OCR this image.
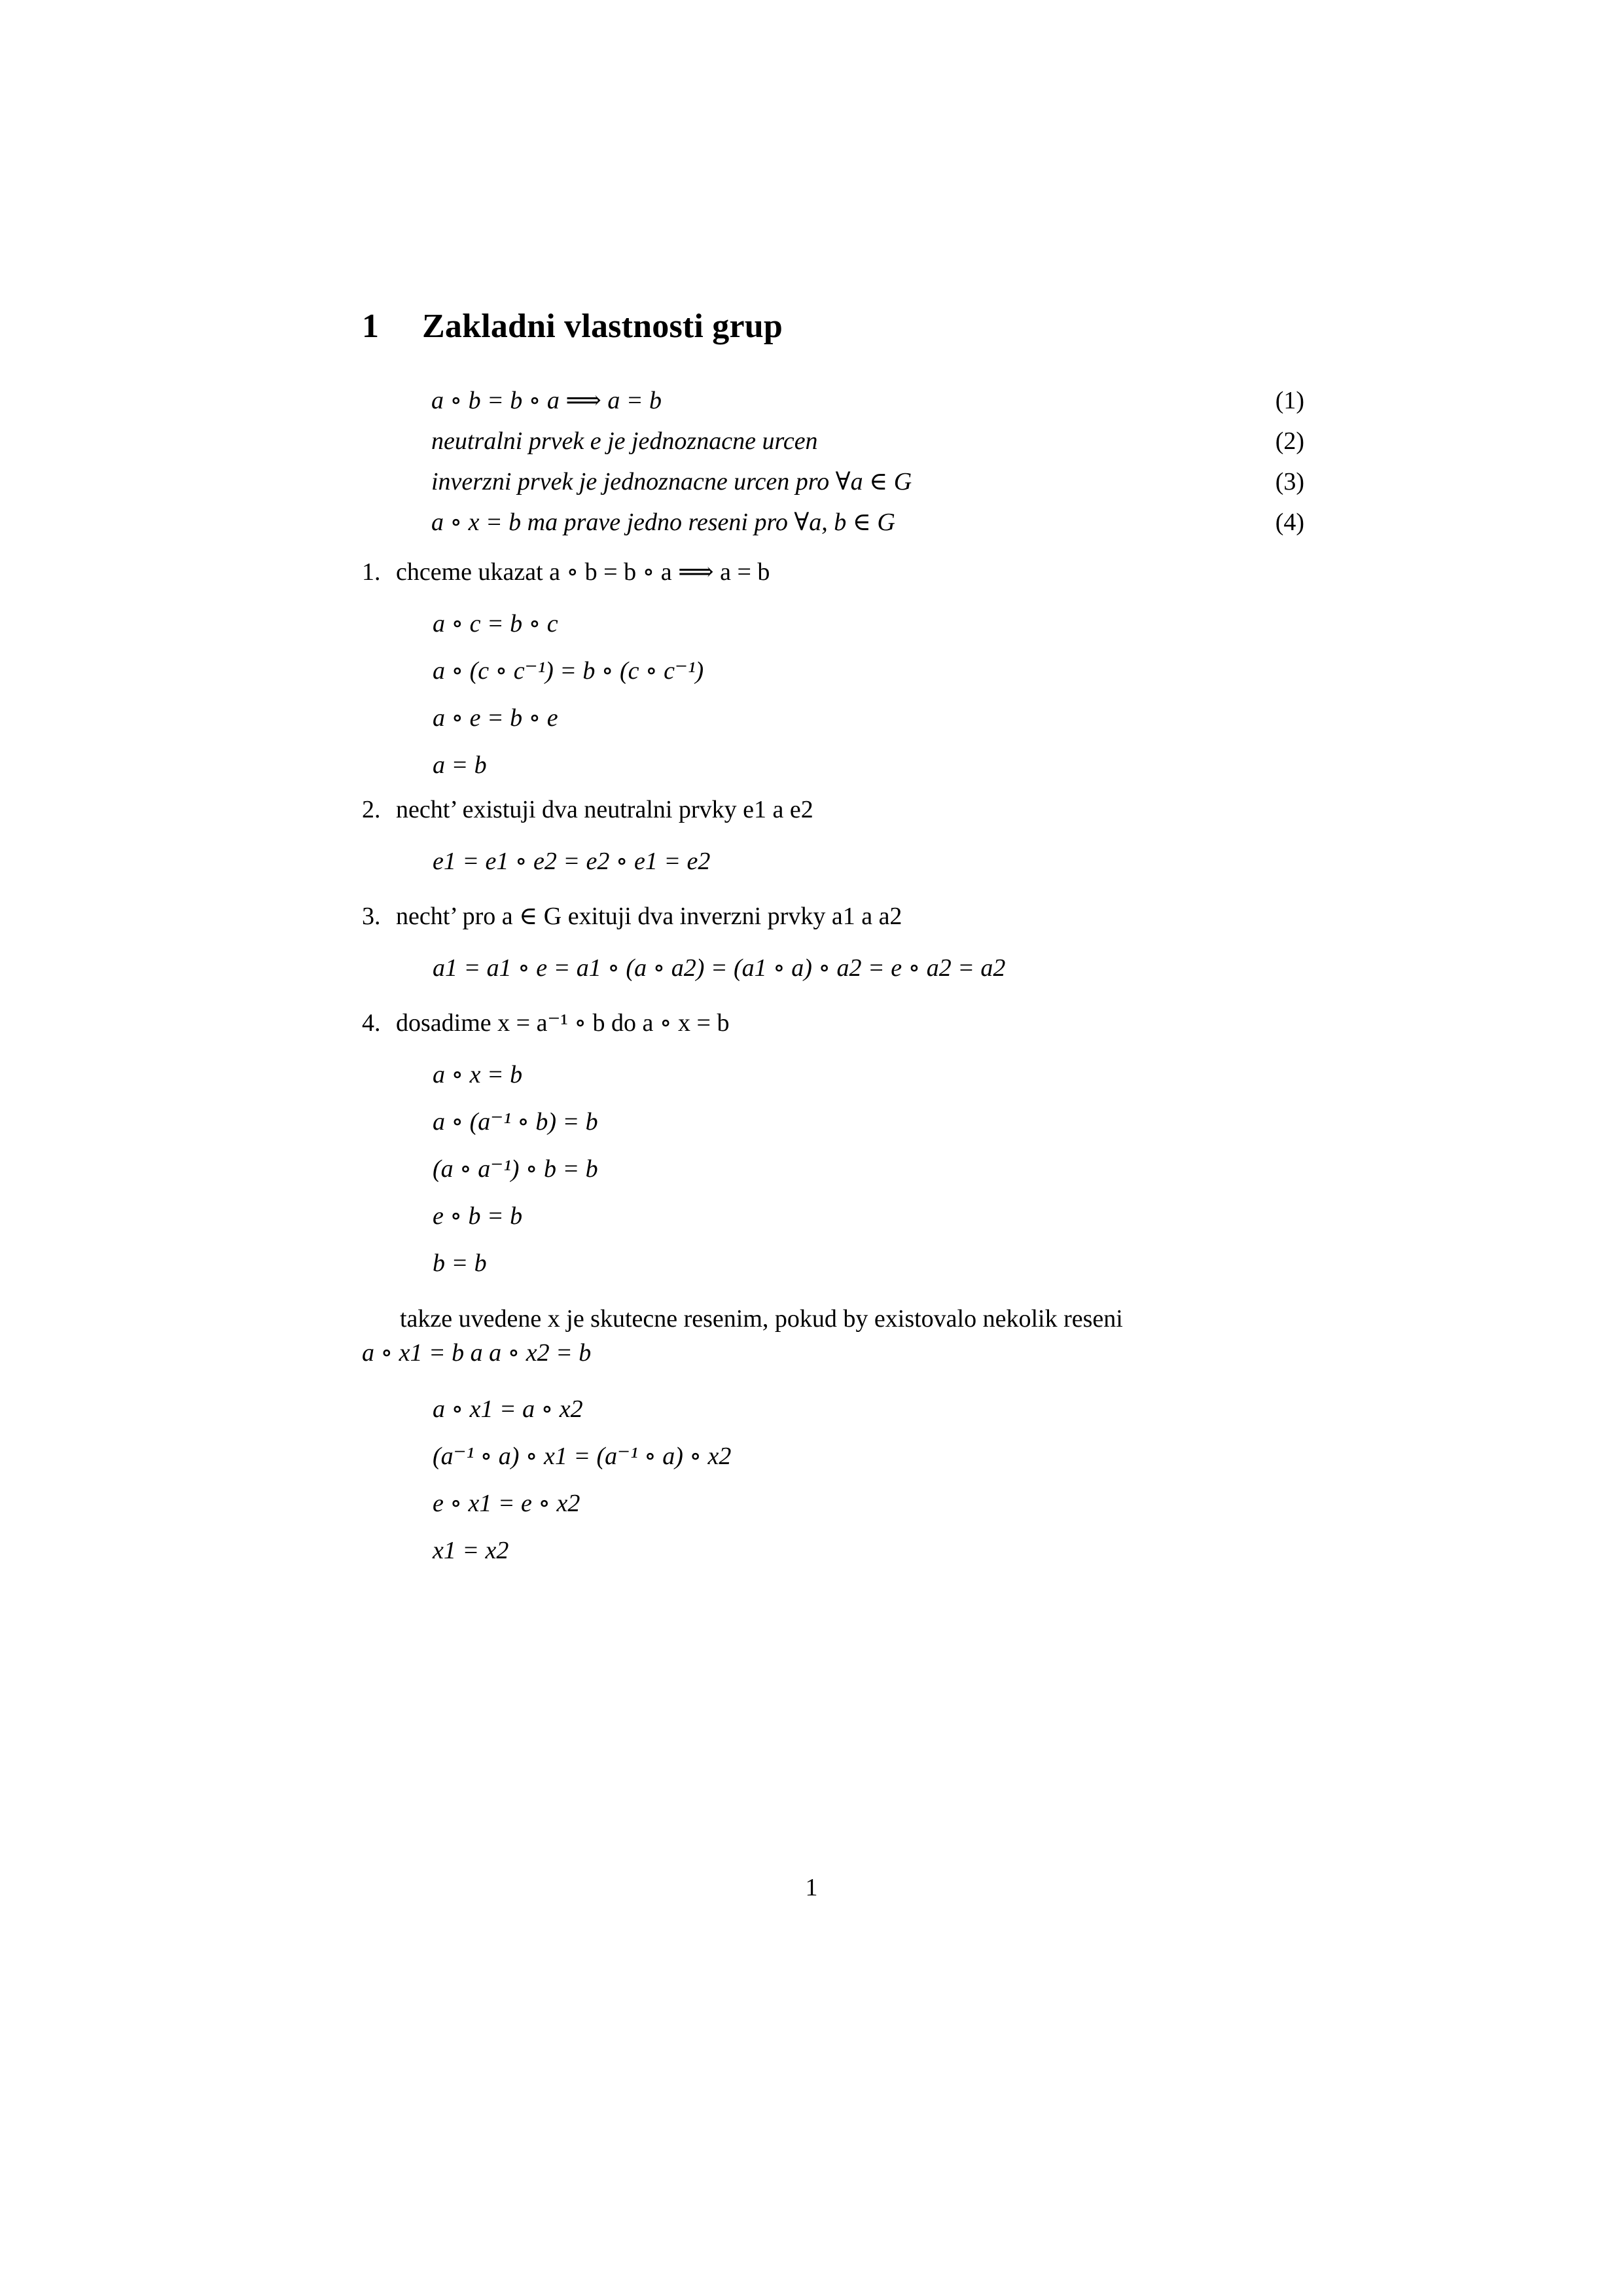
1	Zakladni vlastnosti grup
a ∘ b = b ∘ a ⟹ a = b	(1)
neutralni prvek e je jednoznacne urcen	(2)
inverzni prvek je jednoznacne urcen pro ∀a ∈ G	(3)
a ∘ x = b ma prave jedno reseni pro ∀a, b ∈ G	(4)

1. chceme ukazat a ∘ b = b ∘ a ⟹ a = b

a ∘ c = b ∘ c
a ∘ (c ∘ c⁻¹) = b ∘ (c ∘ c⁻¹)
a ∘ e = b ∘ e
a = b

2. necht’ existuji dva neutralni prvky e1 a e2

e1 = e1 ∘ e2 = e2 ∘ e1 = e2

3. necht’ pro a ∈ G exituji dva inverzni prvky a1 a a2

a1 = a1 ∘ e = a1 ∘ (a ∘ a2) = (a1 ∘ a) ∘ a2 = e ∘ a2 = a2

4. dosadime x = a⁻¹ ∘ b do a ∘ x = b

a ∘ x = b
a ∘ (a⁻¹ ∘ b) = b
(a ∘ a⁻¹) ∘ b = b
e ∘ b = b
b = b

takze uvedene x je skutecne resenim, pokud by existovalo nekolik reseni
a ∘ x1 = b a a ∘ x2 = b

a ∘ x1 = a ∘ x2
(a⁻¹ ∘ a) ∘ x1 = (a⁻¹ ∘ a) ∘ x2
e ∘ x1 = e ∘ x2
x1 = x2
1
